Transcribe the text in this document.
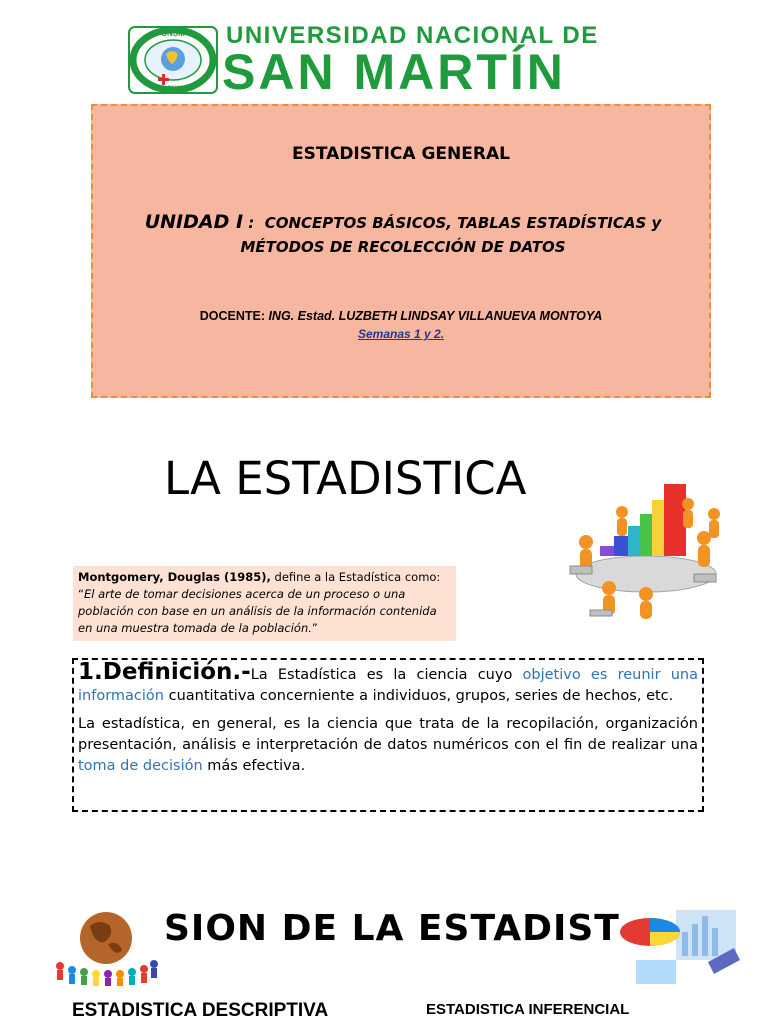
UNSM
NACIONAL DE
UNIVERSIDAD NACIONAL DE
SAN MARTÍN
ESTADISTICA GENERAL
UNIDAD I :  CONCEPTOS BÁSICOS, TABLAS ESTADÍSTICAS y MÉTODOS DE RECOLECCIÓN DE DATOS
DOCENTE: ING. Estad. LUZBETH LINDSAY VILLANUEVA MONTOYA
Semanas 1 y 2.
LA ESTADISTICA
Montgomery, Douglas (1985), define a la Estadística como: “El arte de tomar decisiones acerca de un proceso o una población con base en un análisis de la información contenida en una muestra tomada de la población.”

1.Definición.-La Estadística es la ciencia cuyo objetivo es reunir una información cuantitativa concerniente a individuos, grupos, series de hechos, etc.

La estadística, en general, es la ciencia que trata de la recopilación, organización presentación, análisis e interpretación de datos numéricos con el fin de realizar una toma de decisión más efectiva.

SION DE LA ESTADIST
ESTADISTICA DESCRIPTIVA	ESTADISTICA INFERENCIAL
